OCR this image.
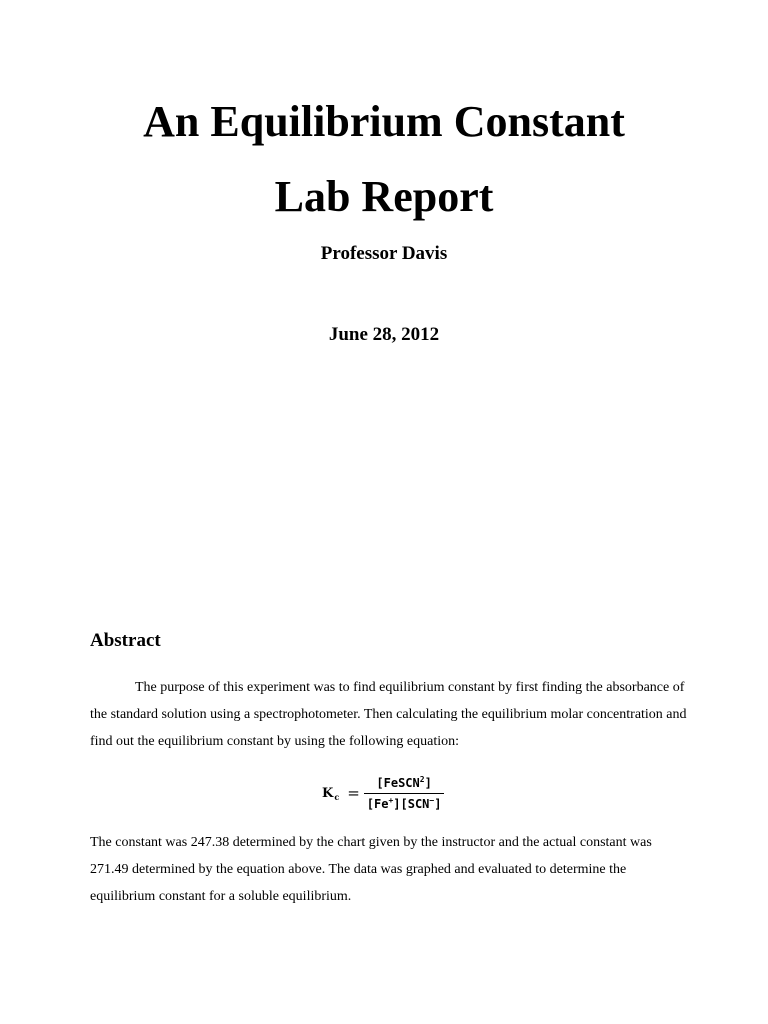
An Equilibrium Constant
Lab Report

Professor Davis

June 28, 2012

Abstract

The purpose of this experiment was to find equilibrium constant by first finding the absorbance of the standard solution using a spectrophotometer. Then calculating the equilibrium molar concentration and find out the equilibrium constant by using the following equation:

K $c = \frac{[FeSCN^2]}{[Fe^+][SCN^-]}$

The constant was 247.38 determined by the chart given by the instructor and the actual constant was 271.49 determined by the equation above. The data was graphed and evaluated to determine the equilibrium constant for a soluble equilibrium.
